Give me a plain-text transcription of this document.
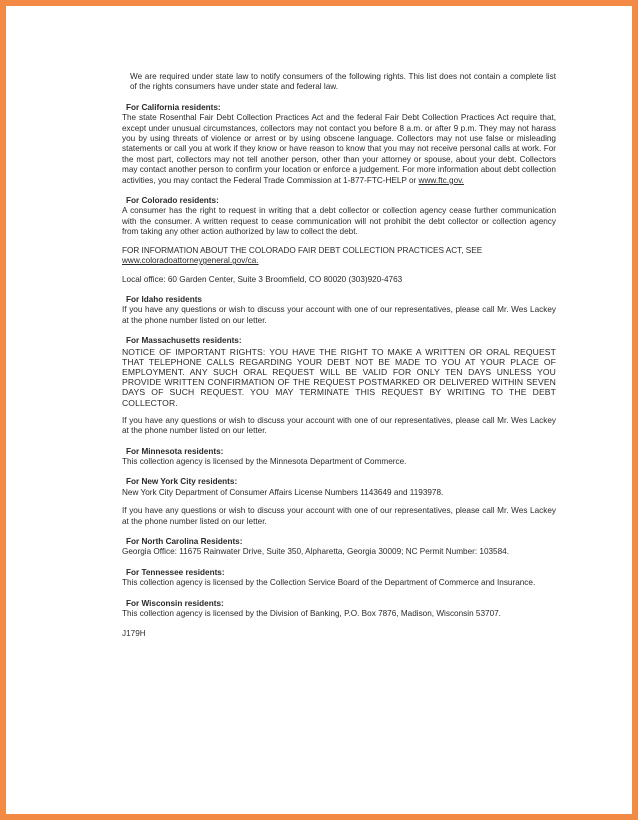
We are required under state law to notify consumers of the following rights. This list does not contain a complete list of the rights consumers have under state and federal law.

For California residents:

The state Rosenthal Fair Debt Collection Practices Act and the federal Fair Debt Collection Practices Act require that, except under unusual circumstances, collectors may not contact you before 8 a.m. or after 9 p.m. They may not harass you by using threats of violence or arrest or by using obscene language. Collectors may not use false or misleading statements or call you at work if they know or have reason to know that you may not receive personal calls at work. For the most part, collectors may not tell another person, other than your attorney or spouse, about your debt. Collectors may contact another person to confirm your location or enforce a judgement. For more information about debt collection activities, you may contact the Federal Trade Commission at 1-877-FTC-HELP or www.ftc.gov.

For Colorado residents:

A consumer has the right to request in writing that a debt collector or collection agency cease further communication with the consumer. A written request to cease communication will not prohibit the debt collector or collection agency from taking any other action authorized by law to collect the debt.

FOR INFORMATION ABOUT THE COLORADO FAIR DEBT COLLECTION PRACTICES ACT, SEE
www.coloradoattorneygeneral.gov/ca.

Local office: 60 Garden Center, Suite 3 Broomfield, CO 80020 (303)920-4763

For Idaho residents

If you have any questions or wish to discuss your account with one of our representatives, please call Mr. Wes Lackey at the phone number listed on our letter.

For Massachusetts residents:

NOTICE OF IMPORTANT RIGHTS: YOU HAVE THE RIGHT TO MAKE A WRITTEN OR ORAL REQUEST THAT TELEPHONE CALLS REGARDING YOUR DEBT NOT BE MADE TO YOU AT YOUR PLACE OF EMPLOYMENT. ANY SUCH ORAL REQUEST WILL BE VALID FOR ONLY TEN DAYS UNLESS YOU PROVIDE WRITTEN CONFIRMATION OF THE REQUEST POSTMARKED OR DELIVERED WITHIN SEVEN DAYS OF SUCH REQUEST. YOU MAY TERMINATE THIS REQUEST BY WRITING TO THE DEBT COLLECTOR.

If you have any questions or wish to discuss your account with one of our representatives, please call Mr. Wes Lackey at the phone number listed on our letter.

For Minnesota residents:

This collection agency is licensed by the Minnesota Department of Commerce.

For New York City residents:

New York City Department of Consumer Affairs License Numbers 1143649 and 1193978.

If you have any questions or wish to discuss your account with one of our representatives, please call Mr. Wes Lackey at the phone number listed on our letter.

For North Carolina Residents:

Georgia Office: 11675 Rainwater Drive, Suite 350, Alpharetta, Georgia 30009; NC Permit Number: 103584.

For Tennessee residents:

This collection agency is licensed by the Collection Service Board of the Department of Commerce and Insurance.

For Wisconsin residents:

This collection agency is licensed by the Division of Banking, P.O. Box 7876, Madison, Wisconsin 53707.

J179H
